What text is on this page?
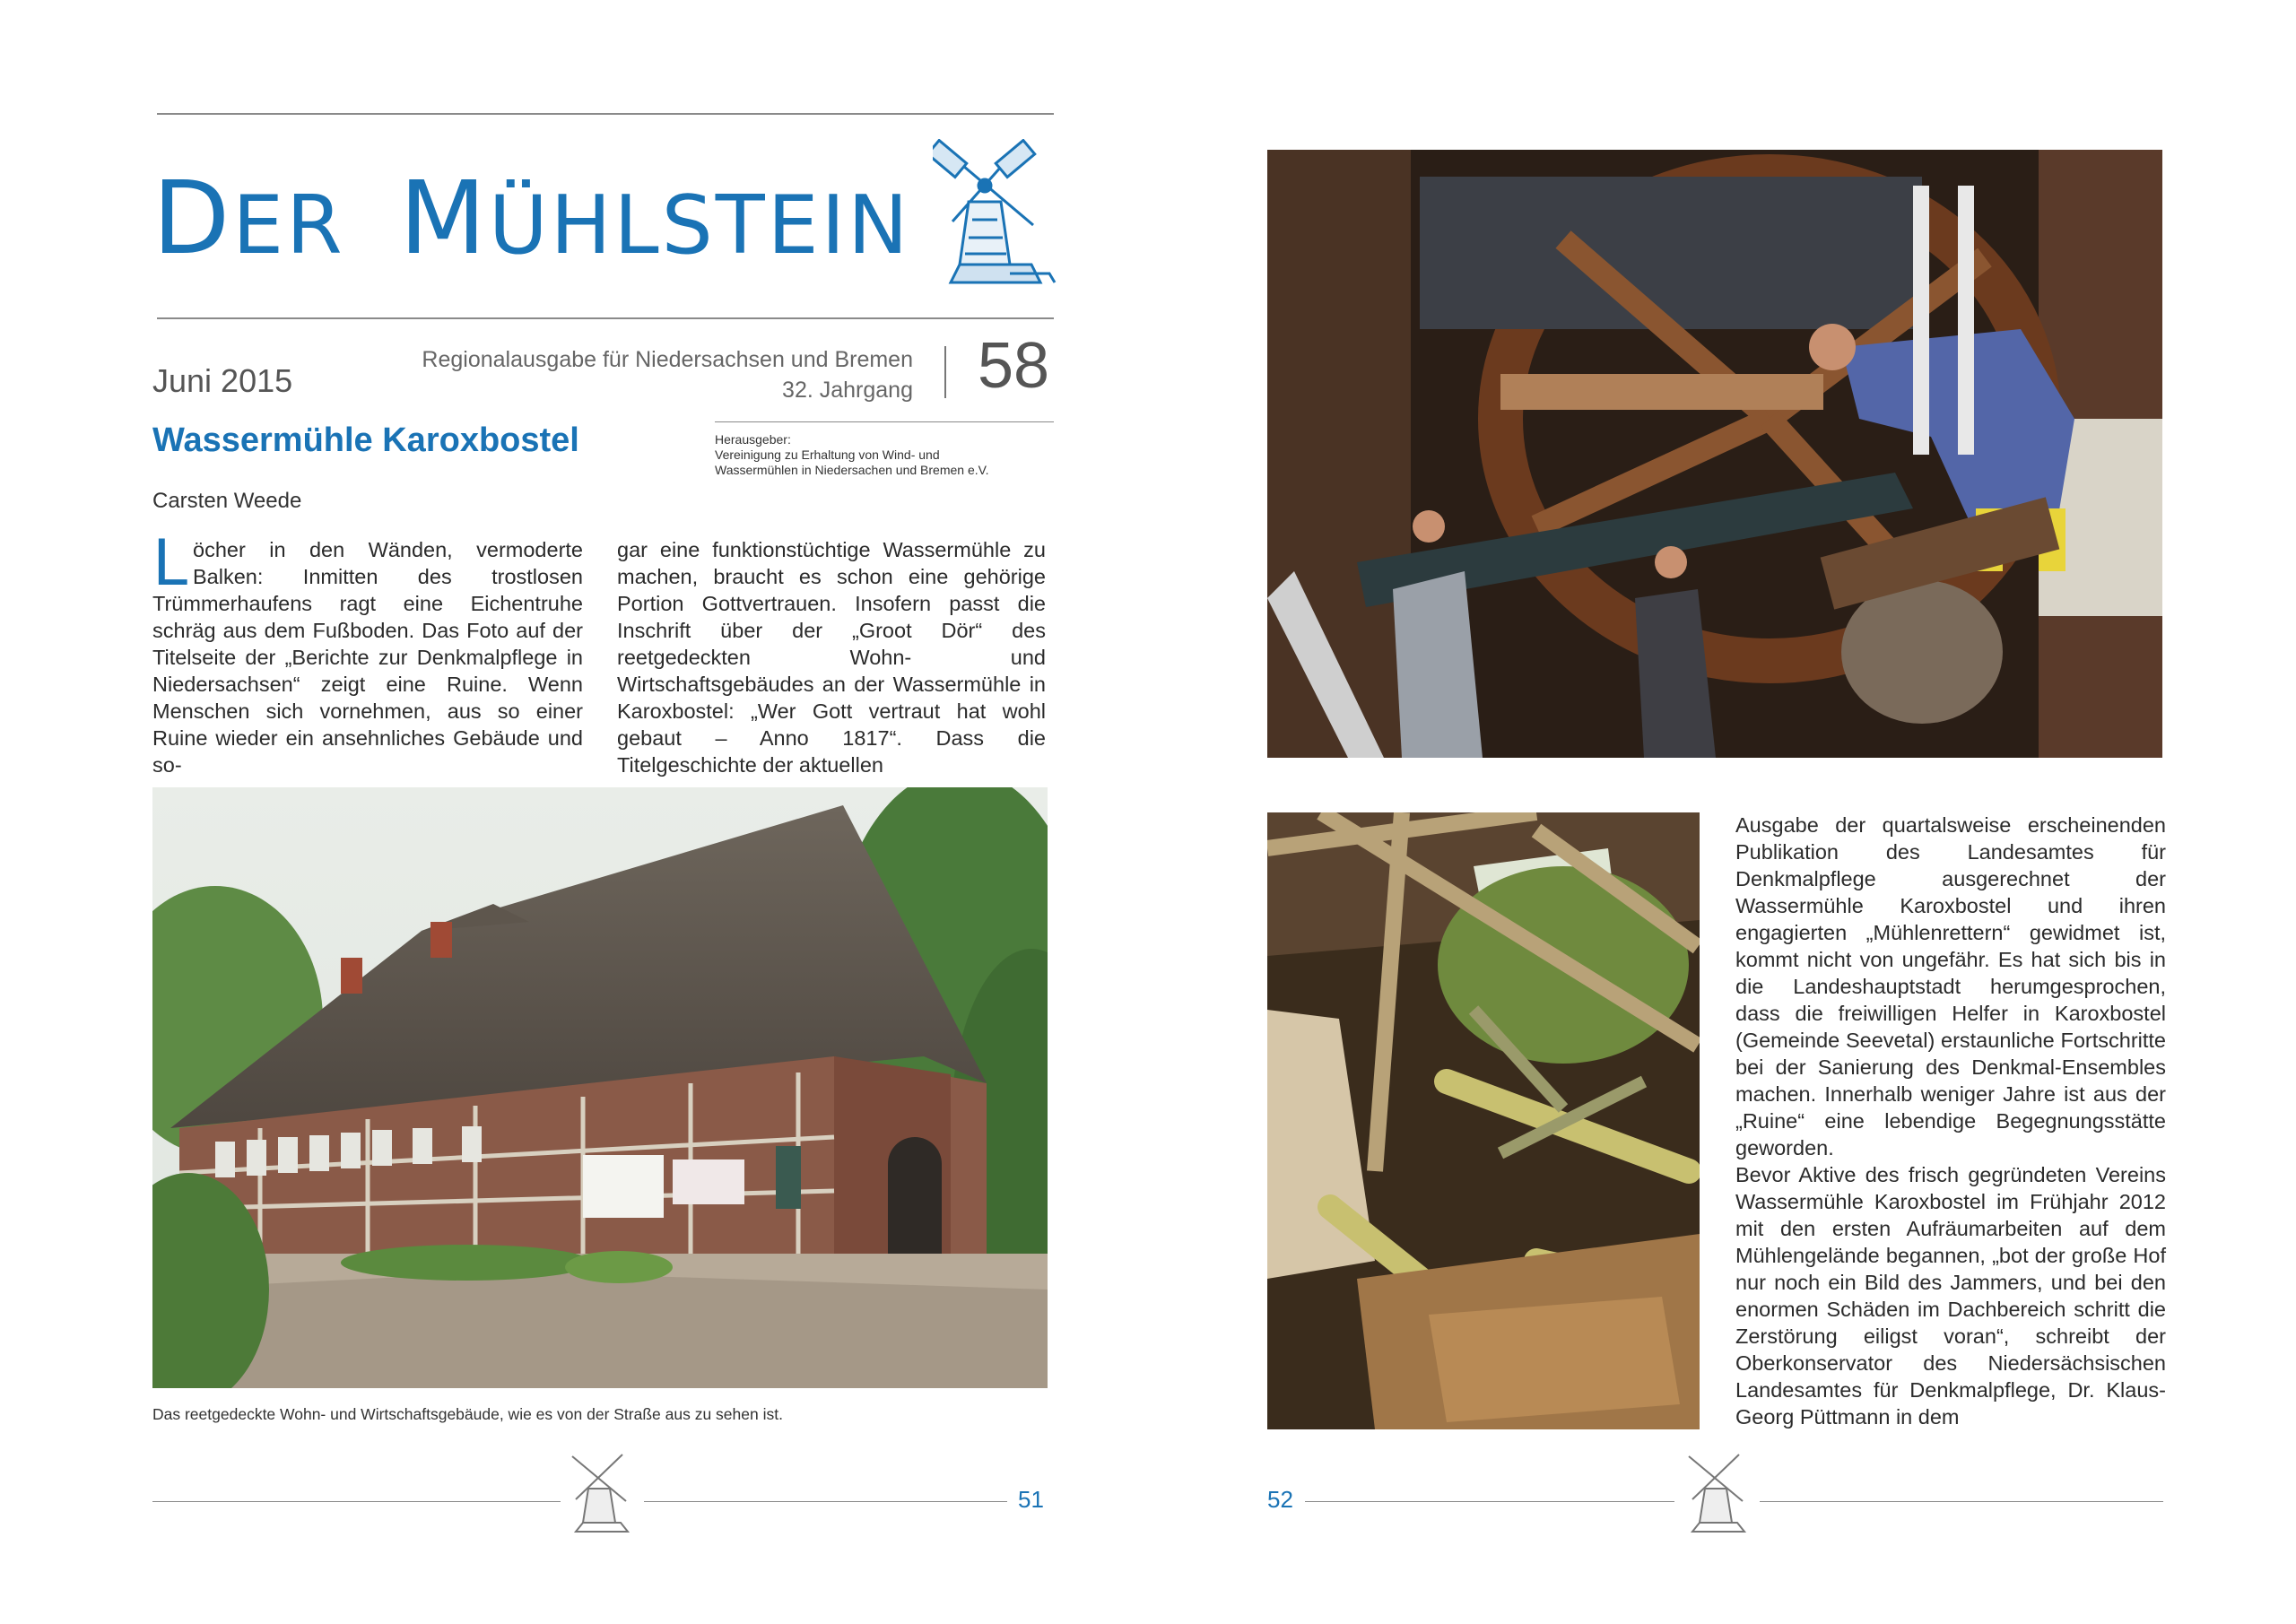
DER MÜHLSTEIN
Juni 2015
Regionalausgabe für Niedersachsen und Bremen
32. Jahrgang 58
Wassermühle Karoxbostel	Herausgeber:
Vereinigung zu Erhaltung von Wind- und
Wassermühlen in Niedersachen und Bremen e.V.
Carsten Weede

Löcher in den Wänden, vermoderte Balken: Inmitten des trostlosen Trümmerhaufens ragt eine Eichentruhe schräg aus dem Fußboden. Das Foto auf der Titelseite der „Berichte zur Denkmalpflege in Niedersachsen“ zeigt eine Ruine. Wenn Menschen sich vornehmen, aus so einer Ruine wieder ein ansehnliches Gebäude und so-

gar eine funktionstüchtige Wassermühle zu machen, braucht es schon eine gehörige Portion Gottvertrauen. Insofern passt die Inschrift über der „Groot Dör“ des reetgedeckten Wohn- und Wirtschaftsgebäudes an der Wassermühle in Karoxbostel: „Wer Gott vertraut hat wohl gebaut – Anno 1817“. Dass die Titelgeschichte der aktuellen

Das reetgedeckte Wohn- und Wirtschaftsgebäude, wie es von der Straße aus zu sehen ist.
51

Ausgabe der quartalsweise erscheinenden Publikation des Landesamtes für Denkmalpflege ausgerechnet der Wassermühle Karoxbostel und ihren engagierten „Mühlenrettern“ gewidmet ist, kommt nicht von ungefähr. Es hat sich bis in die Landeshauptstadt herumgesprochen, dass die freiwilligen Helfer in Karoxbostel (Gemeinde Seevetal) erstaunliche Fortschritte bei der Sanierung des Denkmal-Ensembles machen. Innerhalb weniger Jahre ist aus der „Ruine“ eine lebendige Begegnungsstätte geworden.

Bevor Aktive des frisch gegründeten Vereins Wassermühle Karoxbostel im Frühjahr 2012 mit den ersten Aufräumarbeiten auf dem Mühlengelände begannen, „bot der große Hof nur noch ein Bild des Jammers, und bei den enormen Schäden im Dachbereich schritt die Zerstörung eiligst voran“, schreibt der Oberkonservator des Niedersächsischen Landesamtes für Denkmalpflege, Dr. Klaus-Georg Püttmann in dem

52
